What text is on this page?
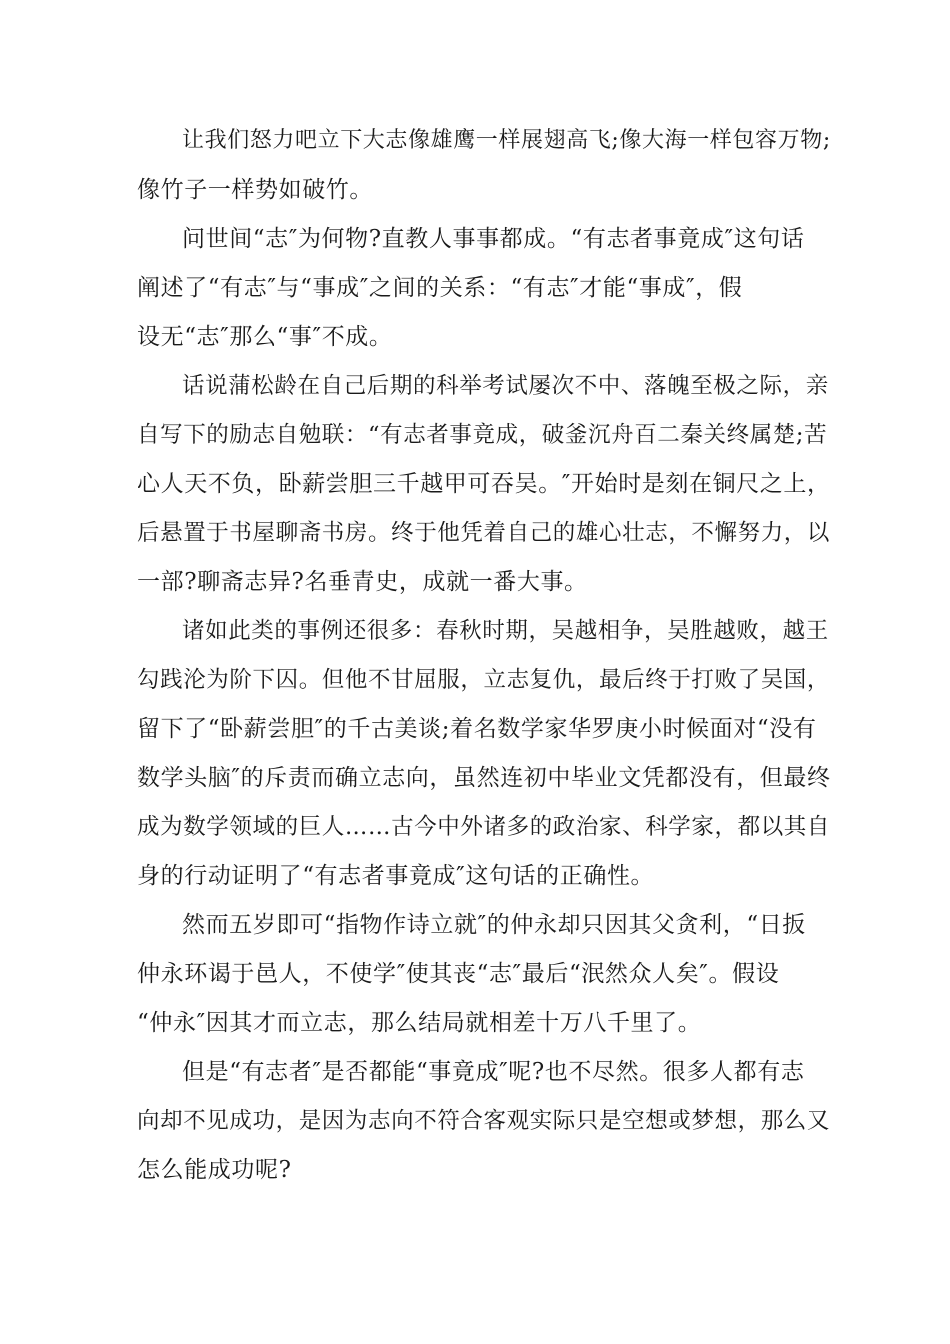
让我们怒力吧立下大志像雄鹰一样展翅高飞;像大海一样包容万物;
像竹子一样势如破竹。
问世间“志″为何物?直教人事事都成。“有志者事竟成″这句话
阐述了“有志″与“事成″之间的关系：“有志″才能“事成″，假
设无“志″那么“事″不成。
话说蒲松龄在自己后期的科举考试屡次不中、落魄至极之际，亲
自写下的励志自勉联：“有志者事竟成，破釜沉舟百二秦关终属楚;苦
心人天不负，卧薪尝胆三千越甲可吞吴。″开始时是刻在铜尺之上，
后悬置于书屋聊斋书房。终于他凭着自己的雄心壮志，不懈努力，以
一部?聊斋志异?名垂青史，成就一番大事。
诸如此类的事例还很多：春秋时期，吴越相争，吴胜越败，越王
勾践沦为阶下囚。但他不甘屈服，立志复仇，最后终于打败了吴国，
留下了“卧薪尝胆″的千古美谈;着名数学家华罗庚小时候面对“没有
数学头脑″的斥责而确立志向，虽然连初中毕业文凭都没有，但最终
成为数学领域的巨人……古今中外诸多的政治家、科学家，都以其自
身的行动证明了“有志者事竟成″这句话的正确性。
然而五岁即可“指物作诗立就″的仲永却只因其父贪利，“日扳
仲永环谒于邑人，不使学″使其丧“志″最后“泯然众人矣″。假设
“仲永″因其才而立志，那么结局就相差十万八千里了。
但是“有志者″是否都能“事竟成″呢?也不尽然。很多人都有志
向却不见成功，是因为志向不符合客观实际只是空想或梦想，那么又
怎么能成功呢?
